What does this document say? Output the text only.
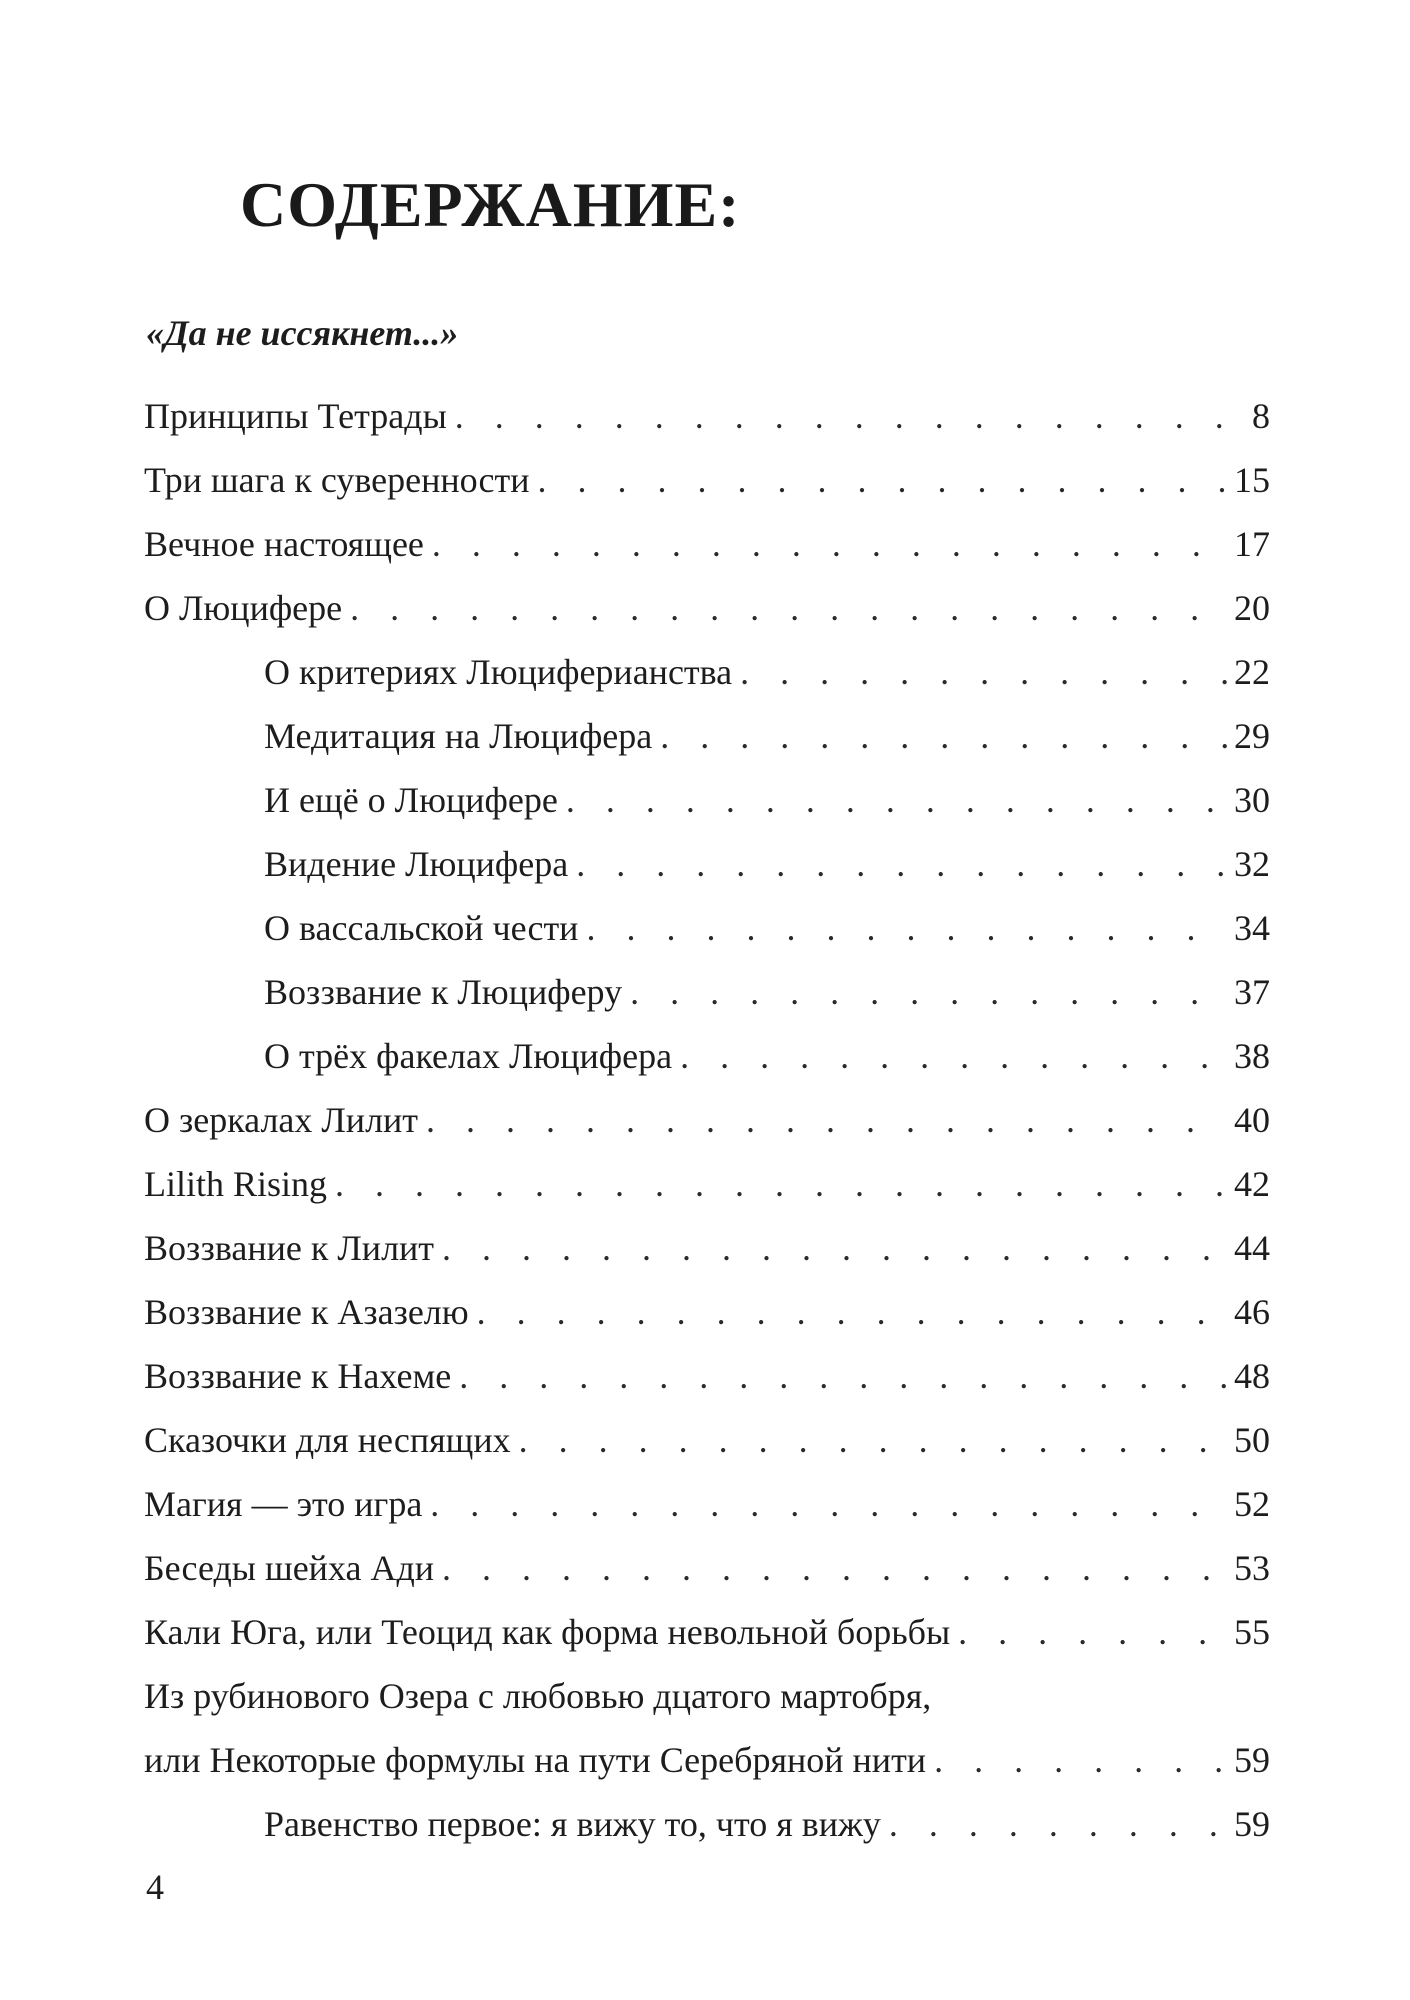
СОДЕРЖАНИЕ:
«Да не иссякнет...»
Принципы Тетрады . . .	8
Три шага к суверенности . . .	15
Вечное настоящее . . .	17
О Люцифере . . .	20
О критериях Люциферианства . . .	22
Медитация на Люцифера . . .	29
И ещё о Люцифере . . .	30
Видение Люцифера . . .	32
О вассальской чести . . .	34
Воззвание к Люциферу . . .	37
О трёх факелах Люцифера . . .	38
О зеркалах Лилит . . .	40
Lilith Rising . . .	42
Воззвание к Лилит . . .	44
Воззвание к Азазелю . . .	46
Воззвание к Нахеме . . .	48
Сказочки для неспящих . . .	50
Магия — это игра . . .	52
Беседы шейха Ади . . .	53
Кали Юга, или Теоцид как форма невольной борьбы . . .	55
Из рубинового Озера с любовью дцатого мартобря,
или Некоторые формулы на пути Серебряной нити . . .	59
Равенство первое: я вижу то, что я вижу . . .	59
4
